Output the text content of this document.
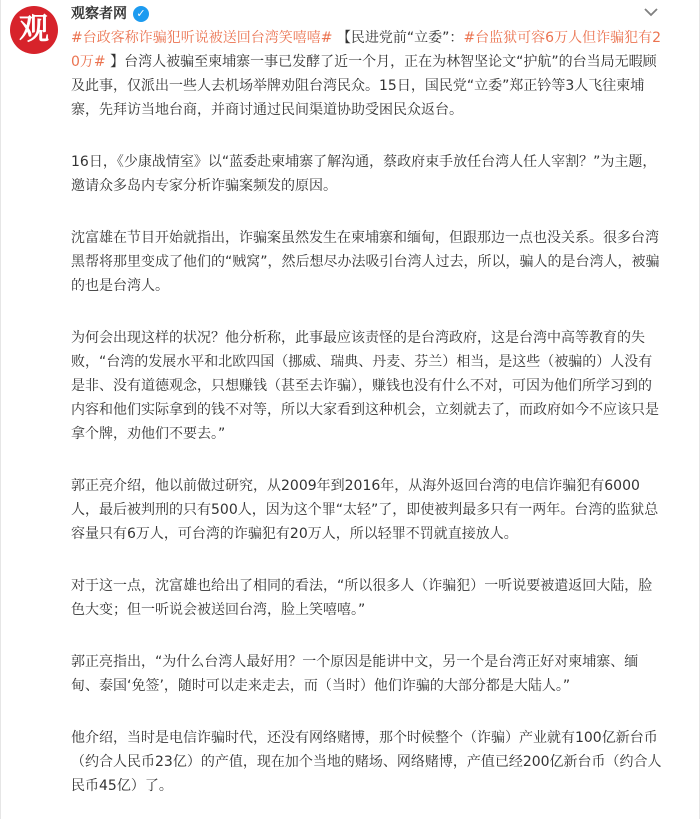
观 观察者网 ✓

#台政客称诈骗犯听说被送回台湾笑嘻嘻# 【民进党前“立委”：#台监狱可容6万人但诈骗犯有20万# 】台湾人被骗至柬埔寨一事已发酵了近一个月，正在为林智坚论文“护航”的台当局无暇顾及此事，仅派出一些人去机场举牌劝阻台湾民众。15日，国民党“立委”郑正钤等3人飞往柬埔寨，先拜访当地台商，并商讨通过民间渠道协助受困民众返台。

16日，《少康战情室》以“蓝委赴柬埔寨了解沟通，蔡政府束手放任台湾人任人宰割？”为主题，邀请众多岛内专家分析诈骗案频发的原因。

沈富雄在节目开始就指出，诈骗案虽然发生在柬埔寨和缅甸，但跟那边一点也没关系。很多台湾黑帮将那里变成了他们的“贼窝”，然后想尽办法吸引台湾人过去，所以，骗人的是台湾人，被骗的也是台湾人。

为何会出现这样的状况？他分析称，此事最应该责怪的是台湾政府，这是台湾中高等教育的失败，“台湾的发展水平和北欧四国（挪威、瑞典、丹麦、芬兰）相当，是这些（被骗的）人没有是非、没有道德观念，只想赚钱（甚至去诈骗），赚钱也没有什么不对，可因为他们所学习到的内容和他们实际拿到的钱不对等，所以大家看到这种机会，立刻就去了，而政府如今不应该只是拿个牌，劝他们不要去。”

郭正亮介绍，他以前做过研究，从2009年到2016年，从海外返回台湾的电信诈骗犯有6000人，最后被判刑的只有500人，因为这个罪“太轻”了，即使被判最多只有一两年。台湾的监狱总容量只有6万人，可台湾的诈骗犯有20万人，所以轻罪不罚就直接放人。

对于这一点，沈富雄也给出了相同的看法，“所以很多人（诈骗犯）一听说要被遣返回大陆，脸色大变；但一听说会被送回台湾，脸上笑嘻嘻。”

郭正亮指出，“为什么台湾人最好用？一个原因是能讲中文，另一个是台湾正好对柬埔寨、缅甸、泰国‘免签’，随时可以走来走去，而（当时）他们诈骗的大部分都是大陆人。”

他介绍，当时是电信诈骗时代，还没有网络赌博，那个时候整个（诈骗）产业就有100亿新台币（约合人民币23亿）的产值，现在加个当地的赌场、网络赌博，产值已经200亿新台币（约合人民币45亿）了。
